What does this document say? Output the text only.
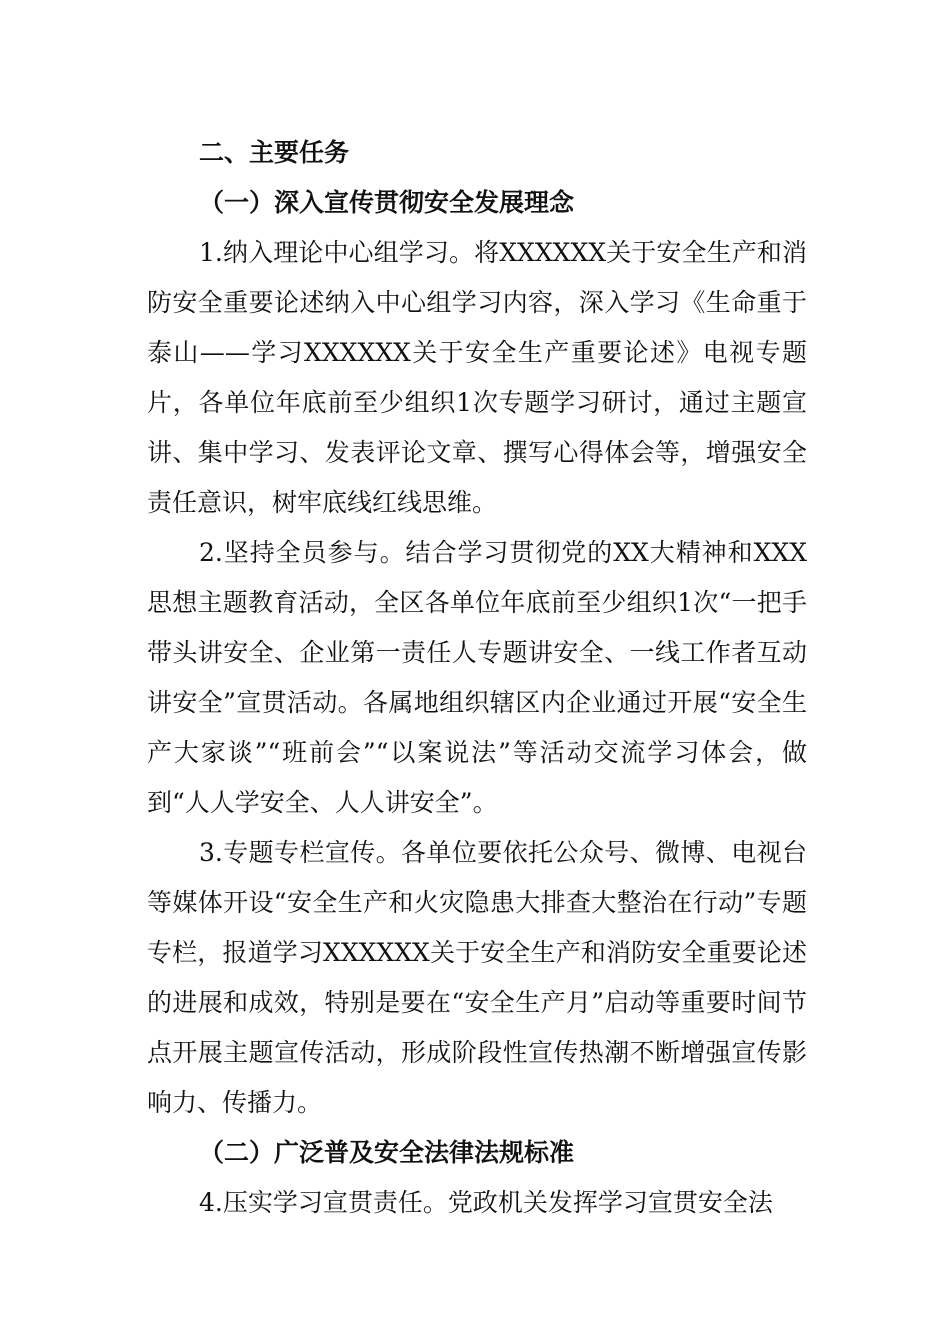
二、主要任务
（一）深入宣传贯彻安全发展理念

1.纳入理论中心组学习。将XXXXXX关于安全生产和消防安全重要论述纳入中心组学习内容，深入学习《生命重于泰山——学习XXXXXX关于安全生产重要论述》电视专题片，各单位年底前至少组织1次专题学习研讨，通过主题宣讲、集中学习、发表评论文章、撰写心得体会等，增强安全责任意识，树牢底线红线思维。

2.坚持全员参与。结合学习贯彻党的XX大精神和XXX思想主题教育活动，全区各单位年底前至少组织1次“一把手带头讲安全、企业第一责任人专题讲安全、一线工作者互动讲安全”宣贯活动。各属地组织辖区内企业通过开展“安全生产大家谈”“班前会”“以案说法”等活动交流学习体会，做到“人人学安全、人人讲安全”。

3.专题专栏宣传。各单位要依托公众号、微博、电视台等媒体开设“安全生产和火灾隐患大排查大整治在行动”专题专栏，报道学习XXXXXX关于安全生产和消防安全重要论述的进展和成效，特别是要在“安全生产月”启动等重要时间节点开展主题宣传活动，形成阶段性宣传热潮不断增强宣传影响力、传播力。

（二）广泛普及安全法律法规标准

4.压实学习宣贯责任。党政机关发挥学习宣贯安全法
